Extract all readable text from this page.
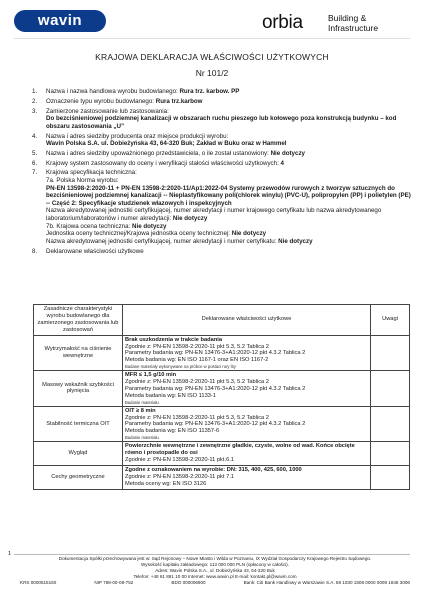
wavin	orbia	Building &
Infrastructure
KRAJOWA DEKLARACJA WŁAŚCIWOŚCI UŻYTKOWYCH
Nr 101/2
1. Nazwa i nazwa handlowa wyrobu budowlanego: Rura trz. karbow. PP
2. Oznaczenie typu wyrobu budowlanego: Rura trz.karbow
3. Zamierzone zastosowanie lub zastosowania:
Do bezciśnieniowej podziemnej kanalizacji w obszarach ruchu pieszego lub kołowego poza konstrukcją budynku – kod obszaru zastosowania „U”
4. Nazwa i adres siedziby producenta oraz miejsce produkcji wyrobu:
Wavin Polska S.A. ul. Dobieżyńska 43, 64-320 Buk; Zakład w Buku oraz w Hammel
5. Nazwa i adres siedziby upoważnionego przedstawiciela, o ile został ustanowiony: Nie dotyczy
6. Krajowy system zastosowany do oceny i weryfikacji stałości właściwości użytkowych: 4
7. Krajowa specyfikacja techniczna:
7a. Polska Norma wyrobu:
PN-EN 13598-2:2020-11 + PN-EN 13598-2:2020-11/Ap1:2022-04 Systemy przewodów rurowych z tworzyw sztucznych do bezciśnieniowej podziemnej kanalizacji -- Nieplastyfikowany poli(chlorek winylu) (PVC-U), polipropylen (PP) i polietylen (PE) -- Część 2: Specyfikacje studzienek włazowych i inspekcyjnych
Nazwa akredytowanej jednostki certyfikującej, numer akredytacji i numer krajowego certyfikatu lub nazwa akredytowanego laboratorium/laboratoriów i numer akredytacji: Nie dotyczy
7b. Krajowa ocena techniczna: Nie dotyczy
Jednostka oceny technicznej/Krajowa jednostka oceny technicznej: Nie dotyczy
Nazwa akredytowanej jednostki certyfikującej, numer akredytacji i numer certyfikatu: Nie dotyczy
8. Deklarowane właściwości użytkowe
Zasadnicze charakterystyki wyrobu budowlanego dla zamierzonego zastosowania lub zastosowań	Deklarowane właściwości użytkowe	Uwagi
Wytrzymałość na ciśnienie wewnętrzne	Brak uszkodzenia w trakcie badania
Zgodnie z: PN-EN 13598-2:2020-11 pkt 5.3, 5.2 Tablica 2
Parametry badania wg: PN-EN 13476-3+A1:2020-12 pkt 4.3.2 Tablica 2
Metoda badania wg: EN ISO 1167-1 oraz EN ISO 1167-2
Badane materiały wykonywane na próbce w postaci rury lity	

Masowy wskaźnik szybkości płynięcia	MFR ≤ 1,5 g/10 min
Zgodnie z: PN-EN 13598-2:2020-11 pkt 5.3, 5.2 Tablica 2
Parametry badania wg: PN-EN 13476-3+A1:2020-12 pkt 4.3.2 Tablica 2
Metoda badania wg: EN ISO 1133-1
Badanie materiału	

Stabilność termiczna OIT	OIT ≥ 8 min
Zgodnie z: PN-EN 13598-2:2020-11 pkt 5.3, 5.2 Tablica 2
Parametry badania wg: PN-EN 13476-3+A1:2020-12 pkt 4.3.2 Tablica 2
Metoda badania wg: EN ISO 11357-6
Badanie materiału	

Wygląd	Powierzchnie wewnętrzne i zewnętrzne gładkie, czyste, wolne od wad. Końce obcięte równo i prostopadle do osi
Zgodnie z: PN-EN 13598-2:2020-11 pkt.6.1	

Cechy geometryczne	Zgodne z oznakowaniem na wyrobie: DN: 315, 400, 425, 600, 1000
Zgodnie z: PN-EN 13598-2:2020-11 pkt 7.1
Metoda oceny wg: EN ISO 3126	

1
Dokumentacja Spółki przechowywana jest w: Sąd Rejonowy – Nowe Miasto i Wilda w Poznaniu, IX Wydział Gospodarczy Krajowego Rejestru Sądowego.
Wysokość kapitału zakładowego: 113 000 000 PLN (opłacony w całości).
Adres: Wavin Polska S.A., ul. Dobieżyńska 43, 64-320 Buk
Telefon: +48 61 891 10 00 Internet: www.wavin.pl E-mail: kontakt.pl@wavin.com
KRS 0000515160	NIP 788-00-08-752	BDO 000006900	Bank: Citi Bank Handlowy w Warszawie S.A. 58 1030 1508 0000 0008 1846 3006
